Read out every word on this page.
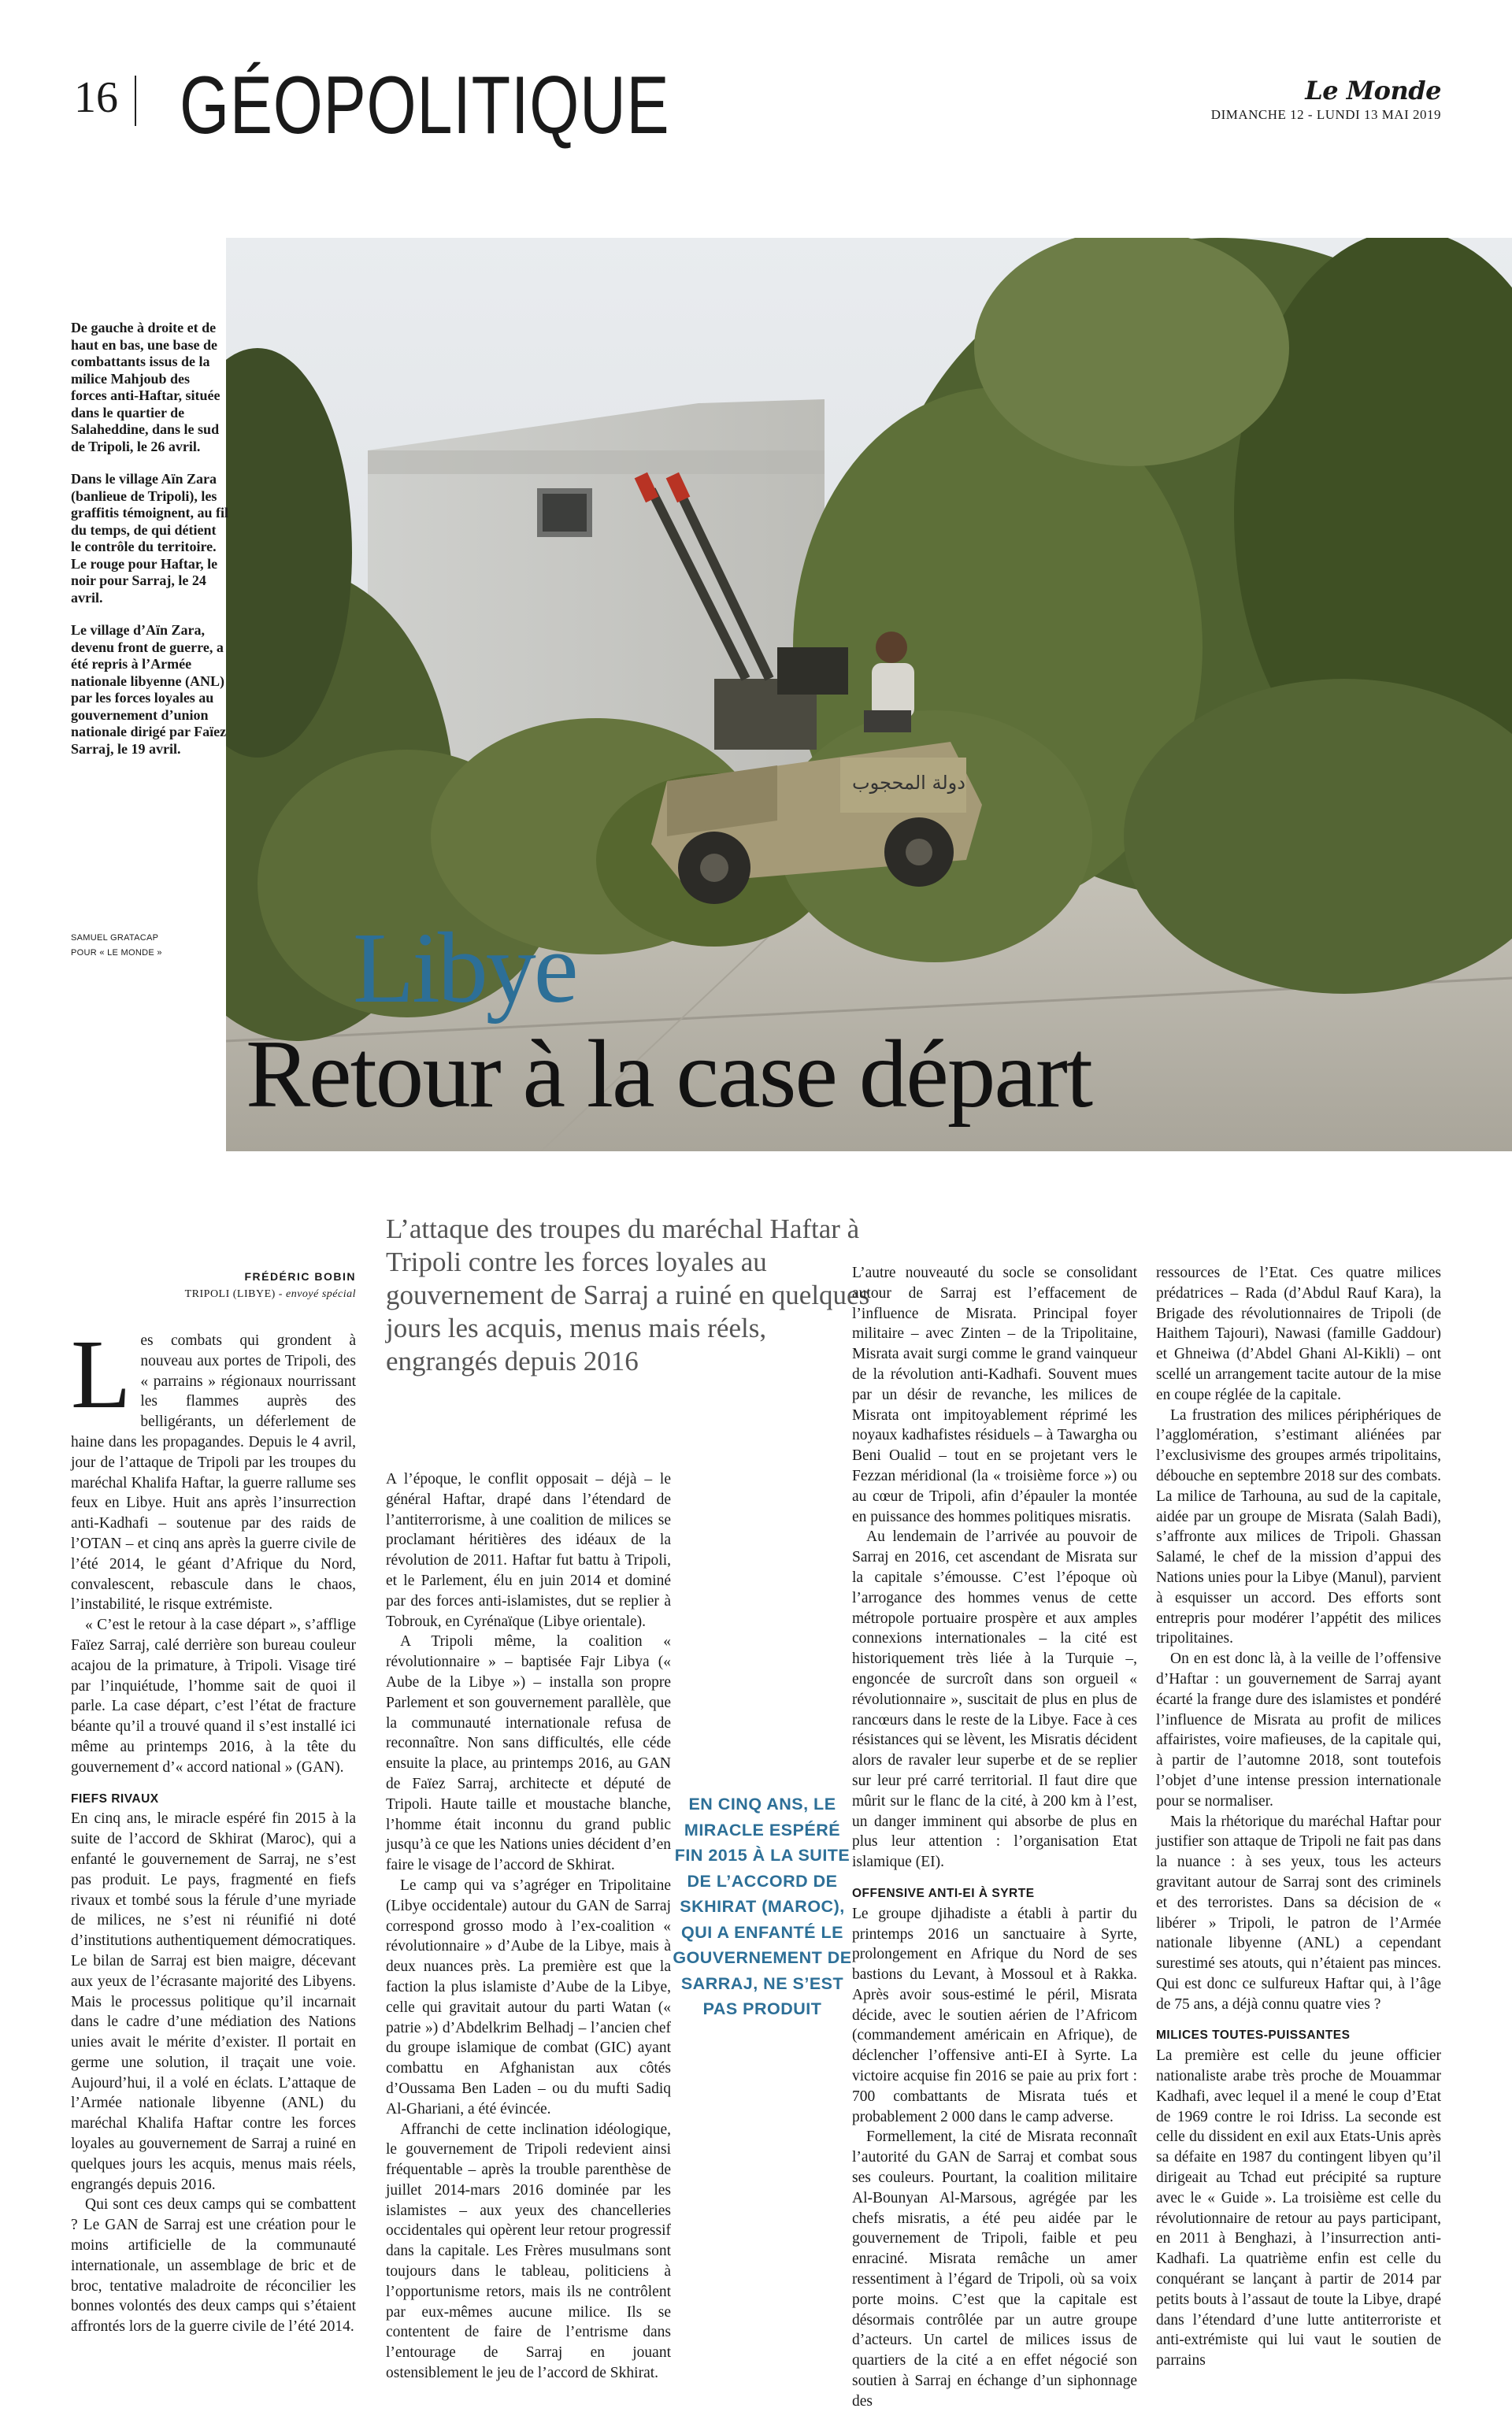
16 GÉOPOLITIQUE	Le Monde
DIMANCHE 12 - LUNDI 13 MAI 2019
دولة المحجوب

De gauche à droite et de haut en bas, une base de combattants issus de la milice Mahjoub des forces anti-Haftar, située dans le quartier de Salaheddine, dans le sud de Tripoli, le 26 avril.

Dans le village Aïn Zara (banlieue de Tripoli), les graffitis témoignent, au fil du temps, de qui détient le contrôle du territoire. Le rouge pour Haftar, le noir pour Sarraj, le 24 avril.

Le village d’Aïn Zara, devenu front de guerre, a été repris à l’Armée nationale libyenne (ANL) par les forces loyales au gouvernement d’union nationale dirigé par Faïez Sarraj, le 19 avril.

SAMUEL GRATACAP
POUR « LE MONDE »	Libye
Retour à la case départ
FRÉDÉRIC BOBIN
TRIPOLI (LIBYE) - envoyé spécial
L’attaque des troupes du maréchal Haftar à Tripoli contre les forces loyales au gouvernement de Sarraj a ruiné en quelques jours les acquis, menus mais réels, engrangés depuis 2016

Les combats qui grondent à nouveau aux portes de Tripoli, des « parrains » régionaux nourrissant les flammes auprès des belligérants, un déferlement de haine dans les propagandes. Depuis le 4 avril, jour de l’attaque de Tripoli par les troupes du maréchal Khalifa Haftar, la guerre rallume ses feux en Libye. Huit ans après l’insurrection anti-Kadhafi – soutenue par des raids de l’OTAN – et cinq ans après la guerre civile de l’été 2014, le géant d’Afrique du Nord, convalescent, rebascule dans le chaos, l’instabilité, le risque extrémiste.

« C’est le retour à la case départ », s’afflige Faïez Sarraj, calé derrière son bureau couleur acajou de la primature, à Tripoli. Visage tiré par l’inquiétude, l’homme sait de quoi il parle. La case départ, c’est l’état de fracture béante qu’il a trouvé quand il s’est installé ici même au printemps 2016, à la tête du gouvernement d’« accord national » (GAN).

FIEFS RIVAUX

En cinq ans, le miracle espéré fin 2015 à la suite de l’accord de Skhirat (Maroc), qui a enfanté le gouvernement de Sarraj, ne s’est pas produit. Le pays, fragmenté en fiefs rivaux et tombé sous la férule d’une myriade de milices, ne s’est ni réunifié ni doté d’institutions authentiquement démocratiques. Le bilan de Sarraj est bien maigre, décevant aux yeux de l’écrasante majorité des Libyens. Mais le processus politique qu’il incarnait dans le cadre d’une médiation des Nations unies avait le mérite d’exister. Il portait en germe une solution, il traçait une voie. Aujourd’hui, il a volé en éclats. L’attaque de l’Armée nationale libyenne (ANL) du maréchal Khalifa Haftar contre les forces loyales au gouvernement de Sarraj a ruiné en quelques jours les acquis, menus mais réels, engrangés depuis 2016.

Qui sont ces deux camps qui se combattent ? Le GAN de Sarraj est une création pour le moins artificielle de la communauté internationale, un assemblage de bric et de broc, tentative maladroite de réconcilier les bonnes volontés des deux camps qui s’étaient affrontés lors de la guerre civile de l’été 2014.

A l’époque, le conflit opposait – déjà – le général Haftar, drapé dans l’étendard de l’antiterrorisme, à une coalition de milices se proclamant héritières des idéaux de la révolution de 2011. Haftar fut battu à Tripoli, et le Parlement, élu en juin 2014 et dominé par des forces anti-islamistes, dut se replier à Tobrouk, en Cyrénaïque (Libye orientale).

A Tripoli même, la coalition « révolutionnaire » – baptisée Fajr Libya (« Aube de la Libye ») – installa son propre Parlement et son gouvernement parallèle, que la communauté internationale refusa de reconnaître. Non sans difficultés, elle céde ensuite la place, au printemps 2016, au GAN de Faïez Sarraj, architecte et député de Tripoli. Haute taille et moustache blanche, l’homme était inconnu du grand public jusqu’à ce que les Nations unies décident d’en faire le visage de l’accord de Skhirat.

Le camp qui va s’agréger en Tripolitaine (Libye occidentale) autour du GAN de Sarraj correspond grosso modo à l’ex-coalition « révolutionnaire » d’Aube de la Libye, mais à deux nuances près. La première est que la faction la plus islamiste d’Aube de la Libye, celle qui gravitait autour du parti Watan (« patrie ») d’Abdelkrim Belhadj – l’ancien chef du groupe islamique de combat (GIC) ayant combattu en Afghanistan aux côtés d’Oussama Ben Laden – ou du mufti Sadiq Al-Ghariani, a été évincée.

Affranchi de cette inclination idéologique, le gouvernement de Tripoli redevient ainsi fréquentable – après la trouble parenthèse de juillet 2014-mars 2016 dominée par les islamistes – aux yeux des chancelleries occidentales qui opèrent leur retour progressif dans la capitale. Les Frères musulmans sont toujours dans le tableau, politiciens à l’opportunisme retors, mais ils ne contrôlent par eux-mêmes aucune milice. Ils se contentent de faire de l’entrisme dans l’entourage de Sarraj en jouant ostensiblement le jeu de l’accord de Skhirat.

EN CINQ ANS, LE MIRACLE ESPÉRÉ FIN 2015 À LA SUITE DE L’ACCORD DE SKHIRAT (MAROC), QUI A ENFANTÉ LE GOUVERNEMENT DE SARRAJ, NE S’EST PAS PRODUIT

L’autre nouveauté du socle se consolidant autour de Sarraj est l’effacement de l’influence de Misrata. Principal foyer militaire – avec Zinten – de la Tripolitaine, Misrata avait surgi comme le grand vainqueur de la révolution anti-Kadhafi. Souvent mues par un désir de revanche, les milices de Misrata ont impitoyablement réprimé les noyaux kadhafistes résiduels – à Tawargha ou Beni Oualid – tout en se projetant vers le Fezzan méridional (la « troisième force ») ou au cœur de Tripoli, afin d’épauler la montée en puissance des hommes politiques misratis.

Au lendemain de l’arrivée au pouvoir de Sarraj en 2016, cet ascendant de Misrata sur la capitale s’émousse. C’est l’époque où l’arrogance des hommes venus de cette métropole portuaire prospère et aux amples connexions internationales – la cité est historiquement très liée à la Turquie –, engoncée de surcroît dans son orgueil « révolutionnaire », suscitait de plus en plus de rancœurs dans le reste de la Libye. Face à ces résistances qui se lèvent, les Misratis décident alors de ravaler leur superbe et de se replier sur leur pré carré territorial. Il faut dire que mûrit sur le flanc de la cité, à 200 km à l’est, un danger imminent qui absorbe de plus en plus leur attention : l’organisation Etat islamique (EI).

OFFENSIVE ANTI-EI À SYRTE

Le groupe djihadiste a établi à partir du printemps 2016 un sanctuaire à Syrte, prolongement en Afrique du Nord de ses bastions du Levant, à Mossoul et à Rakka. Après avoir sous-estimé le péril, Misrata décide, avec le soutien aérien de l’Africom (commandement américain en Afrique), de déclencher l’offensive anti-EI à Syrte. La victoire acquise fin 2016 se paie au prix fort : 700 combattants de Misrata tués et probablement 2 000 dans le camp adverse.

Formellement, la cité de Misrata reconnaît l’autorité du GAN de Sarraj et combat sous ses couleurs. Pourtant, la coalition militaire Al-Bounyan Al-Marsous, agrégée par les chefs misratis, a été peu aidée par le gouvernement de Tripoli, faible et peu enraciné. Misrata remâche un amer ressentiment à l’égard de Tripoli, où sa voix porte moins. C’est que la capitale est désormais contrôlée par un autre groupe d’acteurs. Un cartel de milices issus de quartiers de la cité a en effet négocié son soutien à Sarraj en échange d’un siphonnage des

ressources de l’Etat. Ces quatre milices prédatrices – Rada (d’Abdul Rauf Kara), la Brigade des révolutionnaires de Tripoli (de Haithem Tajouri), Nawasi (famille Gaddour) et Ghneiwa (d’Abdel Ghani Al-Kikli) – ont scellé un arrangement tacite autour de la mise en coupe réglée de la capitale.

La frustration des milices périphériques de l’agglomération, s’estimant aliénées par l’exclusivisme des groupes armés tripolitains, débouche en septembre 2018 sur des combats. La milice de Tarhouna, au sud de la capitale, aidée par un groupe de Misrata (Salah Badi), s’affronte aux milices de Tripoli. Ghassan Salamé, le chef de la mission d’appui des Nations unies pour la Libye (Manul), parvient à esquisser un accord. Des efforts sont entrepris pour modérer l’appétit des milices tripolitaines.

On en est donc là, à la veille de l’offensive d’Haftar : un gouvernement de Sarraj ayant écarté la frange dure des islamistes et pondéré l’influence de Misrata au profit de milices affairistes, voire mafieuses, de la capitale qui, à partir de l’automne 2018, sont toutefois l’objet d’une intense pression internationale pour se normaliser.

Mais la rhétorique du maréchal Haftar pour justifier son attaque de Tripoli ne fait pas dans la nuance : à ses yeux, tous les acteurs gravitant autour de Sarraj sont des criminels et des terroristes. Dans sa décision de « libérer » Tripoli, le patron de l’Armée nationale libyenne (ANL) a cependant surestimé ses atouts, qui n’étaient pas minces. Qui est donc ce sulfureux Haftar qui, à l’âge de 75 ans, a déjà connu quatre vies ?

MILICES TOUTES-PUISSANTES

La première est celle du jeune officier nationaliste arabe très proche de Mouammar Kadhafi, avec lequel il a mené le coup d’Etat de 1969 contre le roi Idriss. La seconde est celle du dissident en exil aux Etats-Unis après sa défaite en 1987 du contingent libyen qu’il dirigeait au Tchad eut précipité sa rupture avec le « Guide ». La troisième est celle du révolutionnaire de retour au pays participant, en 2011 à Benghazi, à l’insurrection anti-Kadhafi. La quatrième enfin est celle du conquérant se lançant à partir de 2014 par petits bouts à l’assaut de toute la Libye, drapé dans l’étendard d’une lutte antiterroriste et anti-extrémiste qui lui vaut le soutien de parrains
